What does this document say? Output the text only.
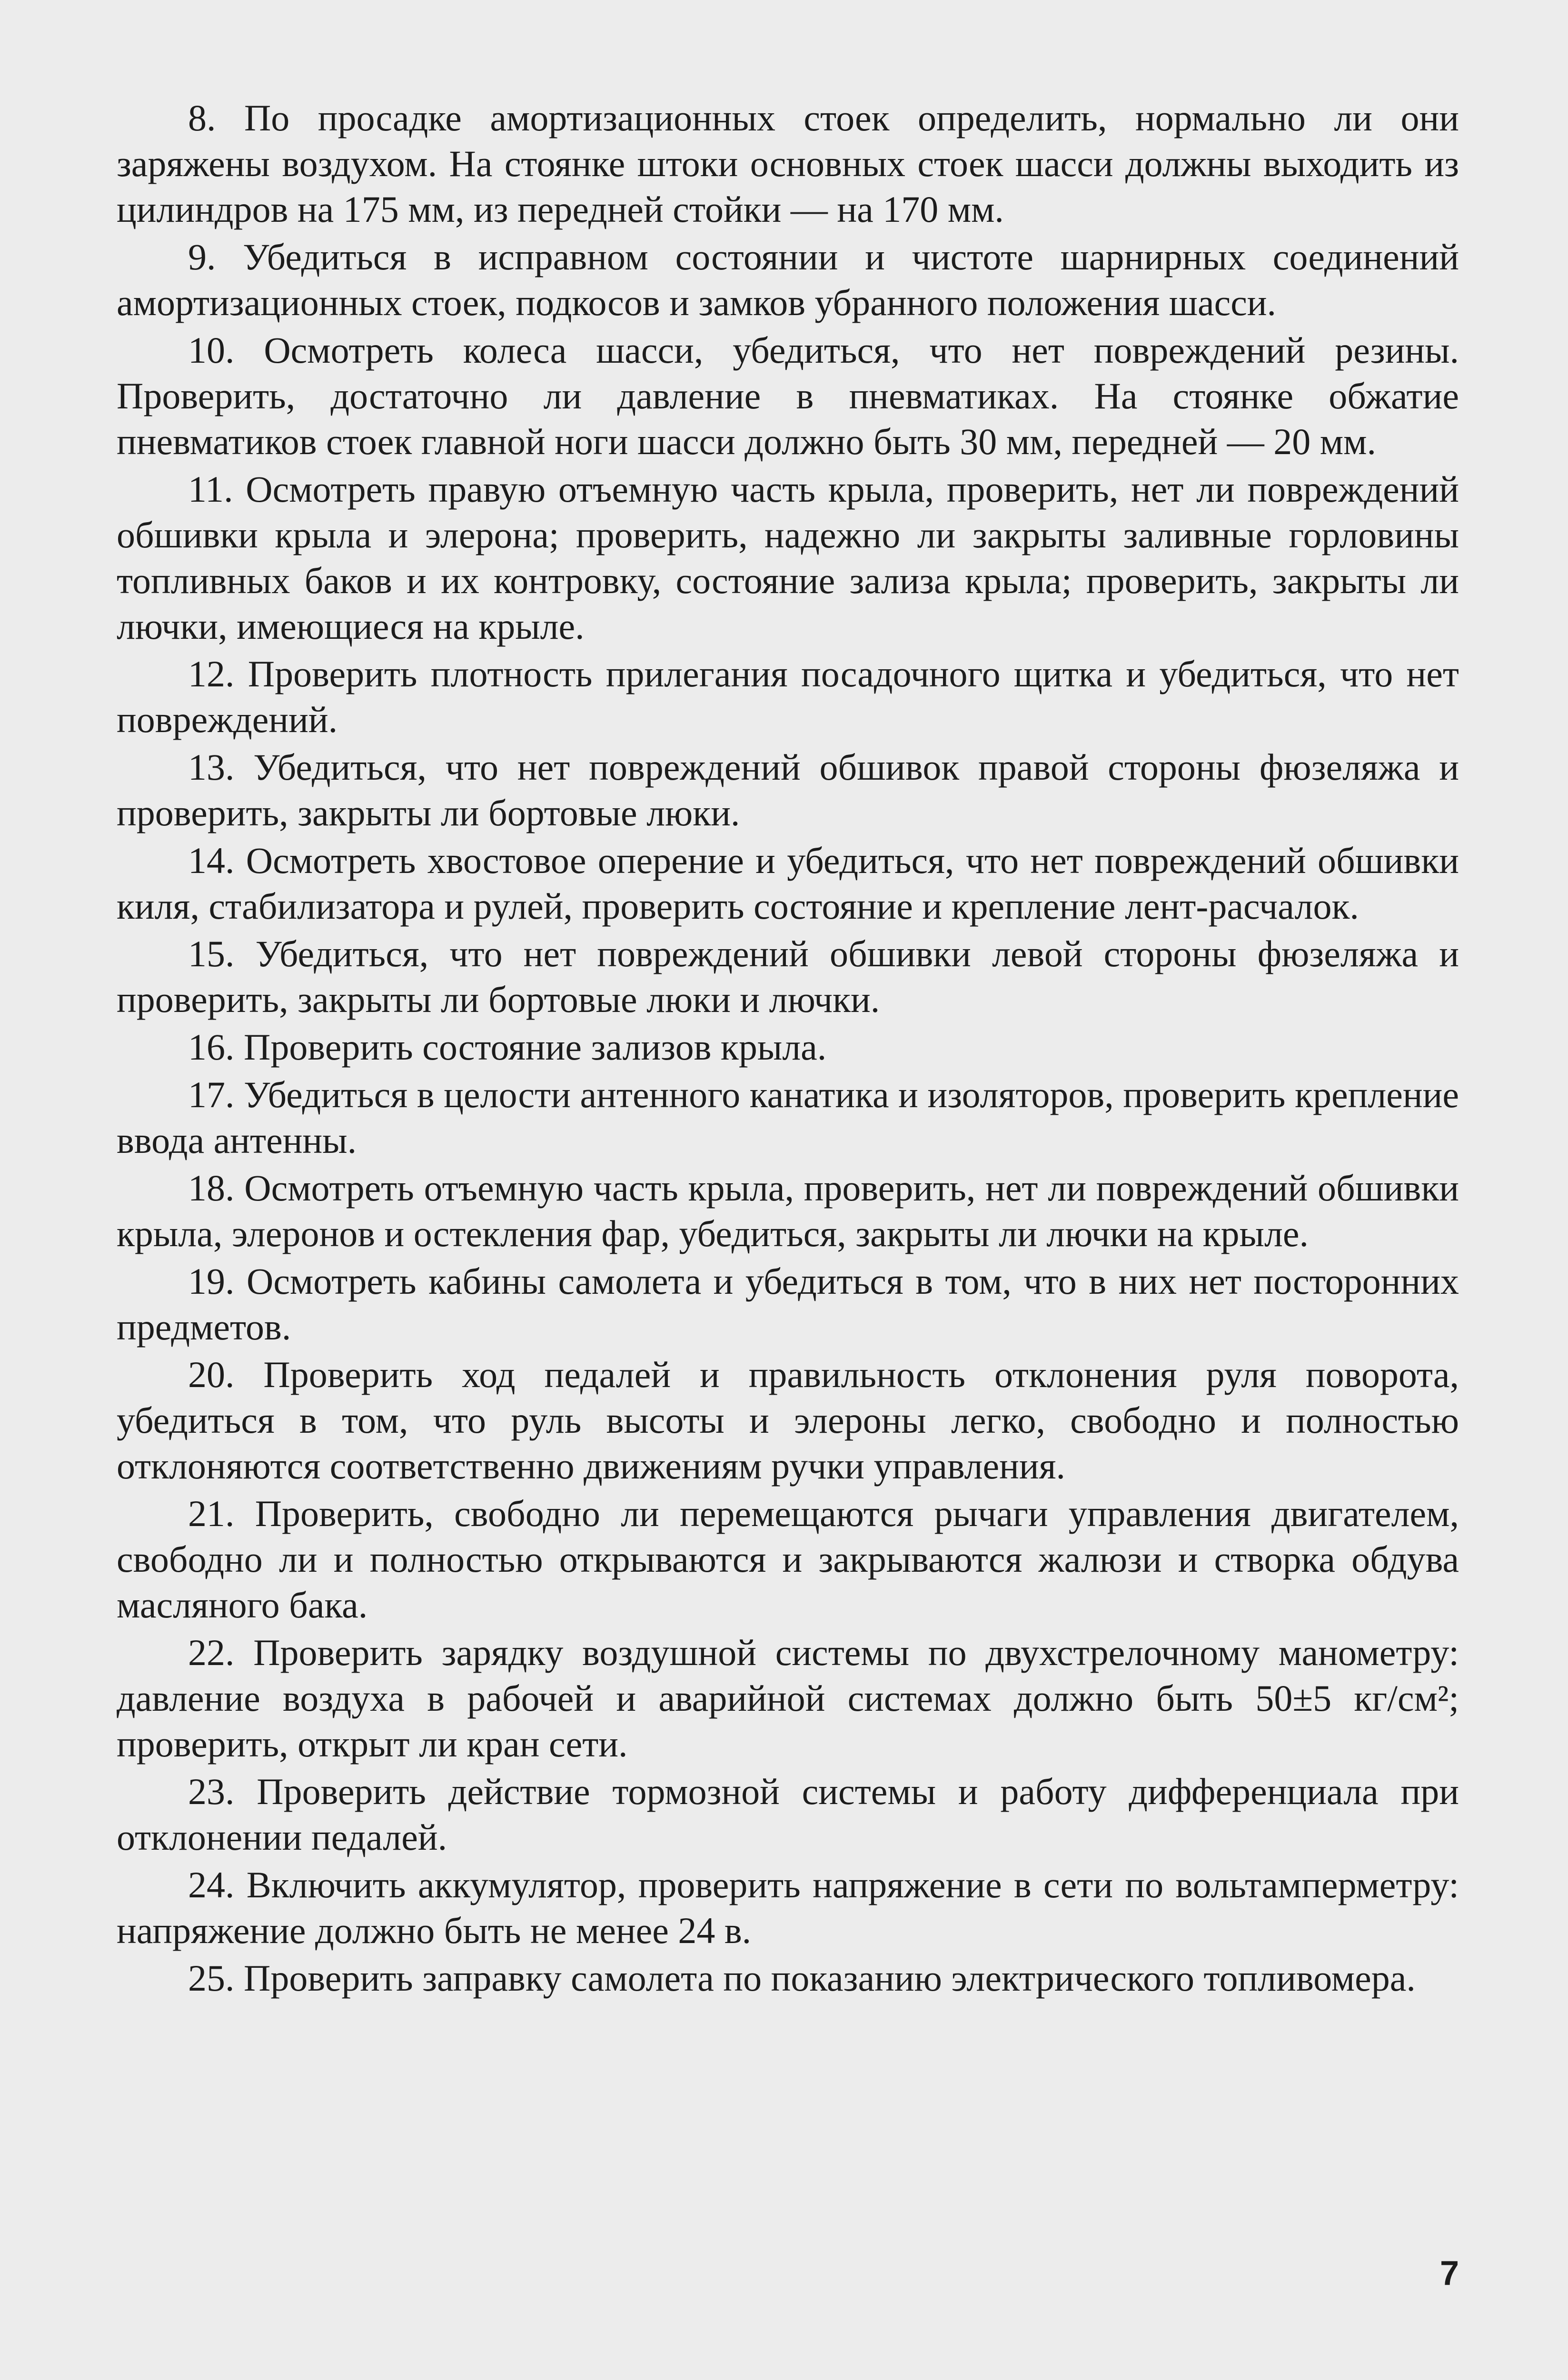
8. По просадке амортизационных стоек определить, нормально ли они заряжены воздухом. На стоянке штоки основных стоек шасси должны выходить из цилиндров на 175 мм, из передней стойки — на 170 мм.

9. Убедиться в исправном состоянии и чистоте шарнирных соединений амортизационных стоек, подкосов и замков убранного положения шасси.

10. Осмотреть колеса шасси, убедиться, что нет повреждений резины. Проверить, достаточно ли давление в пневматиках. На стоянке обжатие пневматиков стоек главной ноги шасси должно быть 30 мм, передней — 20 мм.

11. Осмотреть правую отъемную часть крыла, проверить, нет ли повреждений обшивки крыла и элерона; проверить, надежно ли закрыты заливные горловины топливных баков и их контровку, состояние зализа крыла; проверить, закрыты ли лючки, имеющиеся на крыле.

12. Проверить плотность прилегания посадочного щитка и убедиться, что нет повреждений.

13. Убедиться, что нет повреждений обшивок правой стороны фюзеляжа и проверить, закрыты ли бортовые люки.

14. Осмотреть хвостовое оперение и убедиться, что нет повреждений обшивки киля, стабилизатора и рулей, проверить состояние и крепление лент-расчалок.

15. Убедиться, что нет повреждений обшивки левой стороны фюзеляжа и проверить, закрыты ли бортовые люки и лючки.

16. Проверить состояние зализов крыла.

17. Убедиться в целости антенного канатика и изоляторов, проверить крепление ввода антенны.

18. Осмотреть отъемную часть крыла, проверить, нет ли повреждений обшивки крыла, элеронов и остекления фар, убедиться, закрыты ли лючки на крыле.

19. Осмотреть кабины самолета и убедиться в том, что в них нет посторонних предметов.

20. Проверить ход педалей и правильность отклонения руля поворота, убедиться в том, что руль высоты и элероны легко, свободно и полностью отклоняются соответственно движениям ручки управления.

21. Проверить, свободно ли перемещаются рычаги управления двигателем, свободно ли и полностью открываются и закрываются жалюзи и створка обдува масляного бака.

22. Проверить зарядку воздушной системы по двухстрелочному манометру: давление воздуха в рабочей и аварийной системах должно быть 50±5 кг/см²; проверить, открыт ли кран сети.

23. Проверить действие тормозной системы и работу дифференциала при отклонении педалей.

24. Включить аккумулятор, проверить напряжение в сети по вольтамперметру: напряжение должно быть не менее 24 в.

25. Проверить заправку самолета по показанию электрического топливомера.

7
